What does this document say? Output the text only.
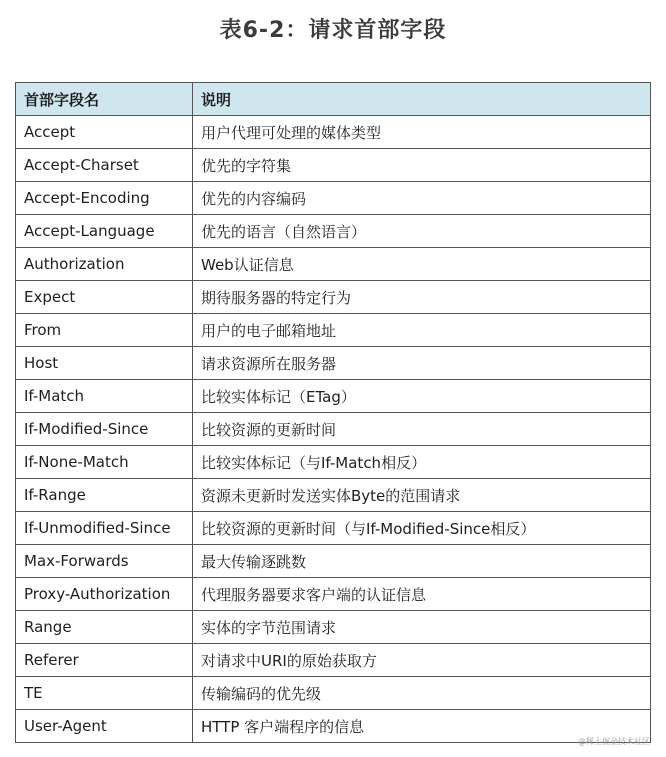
表6-2：请求首部字段
首部字段名	说明
Accept	用户代理可处理的媒体类型
Accept-Charset	优先的字符集
Accept-Encoding	优先的内容编码
Accept-Language	优先的语言（自然语言）
Authorization	Web认证信息
Expect	期待服务器的特定行为
From	用户的电子邮箱地址
Host	请求资源所在服务器
If-Match	比较实体标记（ETag）
If-Modified-Since	比较资源的更新时间
If-None-Match	比较实体标记（与If-Match相反）
If-Range	资源未更新时发送实体Byte的范围请求
If-Unmodified-Since	比较资源的更新时间（与If-Modified-Since相反）
Max-Forwards	最大传输逐跳数
Proxy-Authorization	代理服务器要求客户端的认证信息
Range	实体的字节范围请求
Referer	对请求中URI的原始获取方
TE	传输编码的优先级
User-Agent	HTTP 客户端程序的信息
@稀土掘金技术社区
